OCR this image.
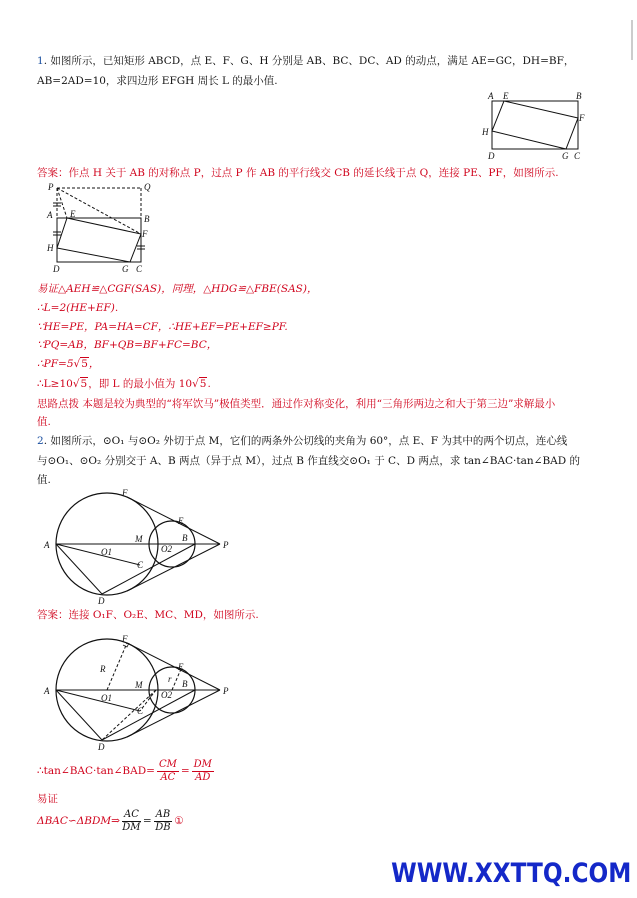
1. 如图所示，已知矩形 ABCD，点 E、F、G、H 分别是 AB、BC、DC、AD 的动点，满足 AE=GC，DH=BF，
AB=2AD=10，求四边形 EFGH 周长 L 的最小值.
A E	B
F
H
D	G C
答案：作点 H 关于 AB 的对称点 P，过点 P 作 AB 的平行线交 CB 的延长线于点 Q，连接 PE、PF，如图所示.
P	Q
A E	B
F
H
D	G C
易证△AEH≌△CGF(SAS)，同理，△HDG≌△FBE(SAS)，
∴L=2(HE+EF).
∵HE=PE，PA=HA=CF，∴HE+EF=PE+EF≥PF.
∵PQ=AB，BF+QB=BF+FC=BC，
∴PF=5√5，
∴L≥10√5，即 L 的最小值为 10√5.
思路点拨 本题是较为典型的“将军饮马”极值类型．通过作对称变化，利用“三角形两边之和大于第三边”求解最小
值.
2. 如图所示，⊙O₁ 与⊙O₂ 外切于点 M，它们的两条外公切线的夹角为 60°，点 E、F 为其中的两个切点，连心线
与⊙O₁、⊙O₂ 分别交于 A、B 两点（异于点 M），过点 B 作直线交⊙O₁ 于 C、D 两点，求 tan∠BAC·tan∠BAD 的
值.
F
E
A
M	B
P
O1	O2
C
D
答案：连接 O₁F、O₂E、MC、MD，如图所示.
F
E
R
r
A
M	B
P
O1	O2
C
D
∴tan∠BAC·tan∠BAD= $\frac{CM}{AC} = \frac{DM}{AD}$
易证
ΔBAC∽ΔBDM⇒ $\frac{AC}{DM} = \frac{AB}{DB}$ ①
WWW.XXTTQ.COM
